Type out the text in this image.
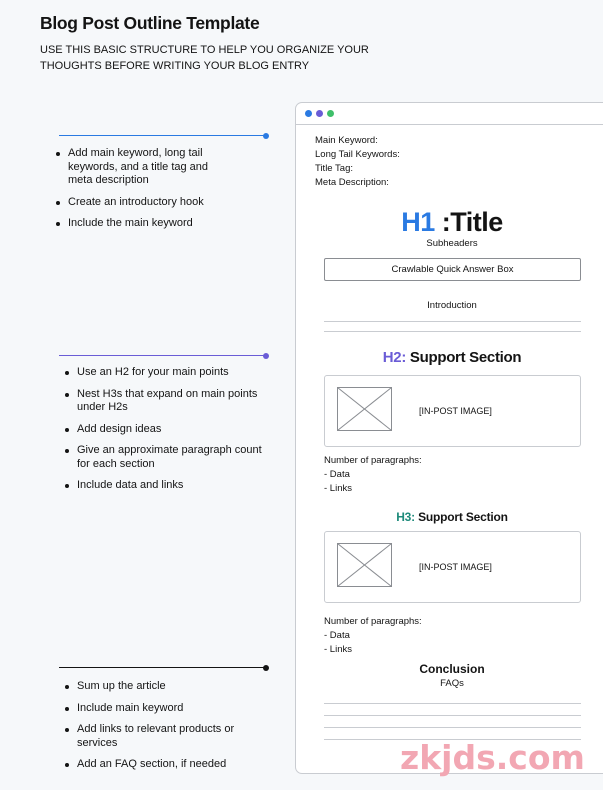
Blog Post Outline Template
USE THIS BASIC STRUCTURE TO HELP YOU ORGANIZE YOUR THOUGHTS BEFORE WRITING YOUR BLOG ENTRY
Add main keyword, long tail keywords, and a title tag and meta description
Create an introductory hook
Include the main keyword
Use an H2 for your main points
Nest H3s that expand on main points under H2s
Add design ideas
Give an approximate paragraph count for each section
Include data and links
Sum up the article
Include main keyword
Add links to relevant products or services
Add an FAQ section, if needed
Main Keyword:
Long Tail Keywords:
Title Tag:
Meta Description:
H1 :Title
Subheaders
Crawlable Quick Answer Box
Introduction
H2: Support Section
[IN-POST IMAGE]
Number of paragraphs:
- Data
- Links
H3: Support Section
[IN-POST IMAGE]
Number of paragraphs:
- Data
- Links
Conclusion
FAQs
zkjds.com
